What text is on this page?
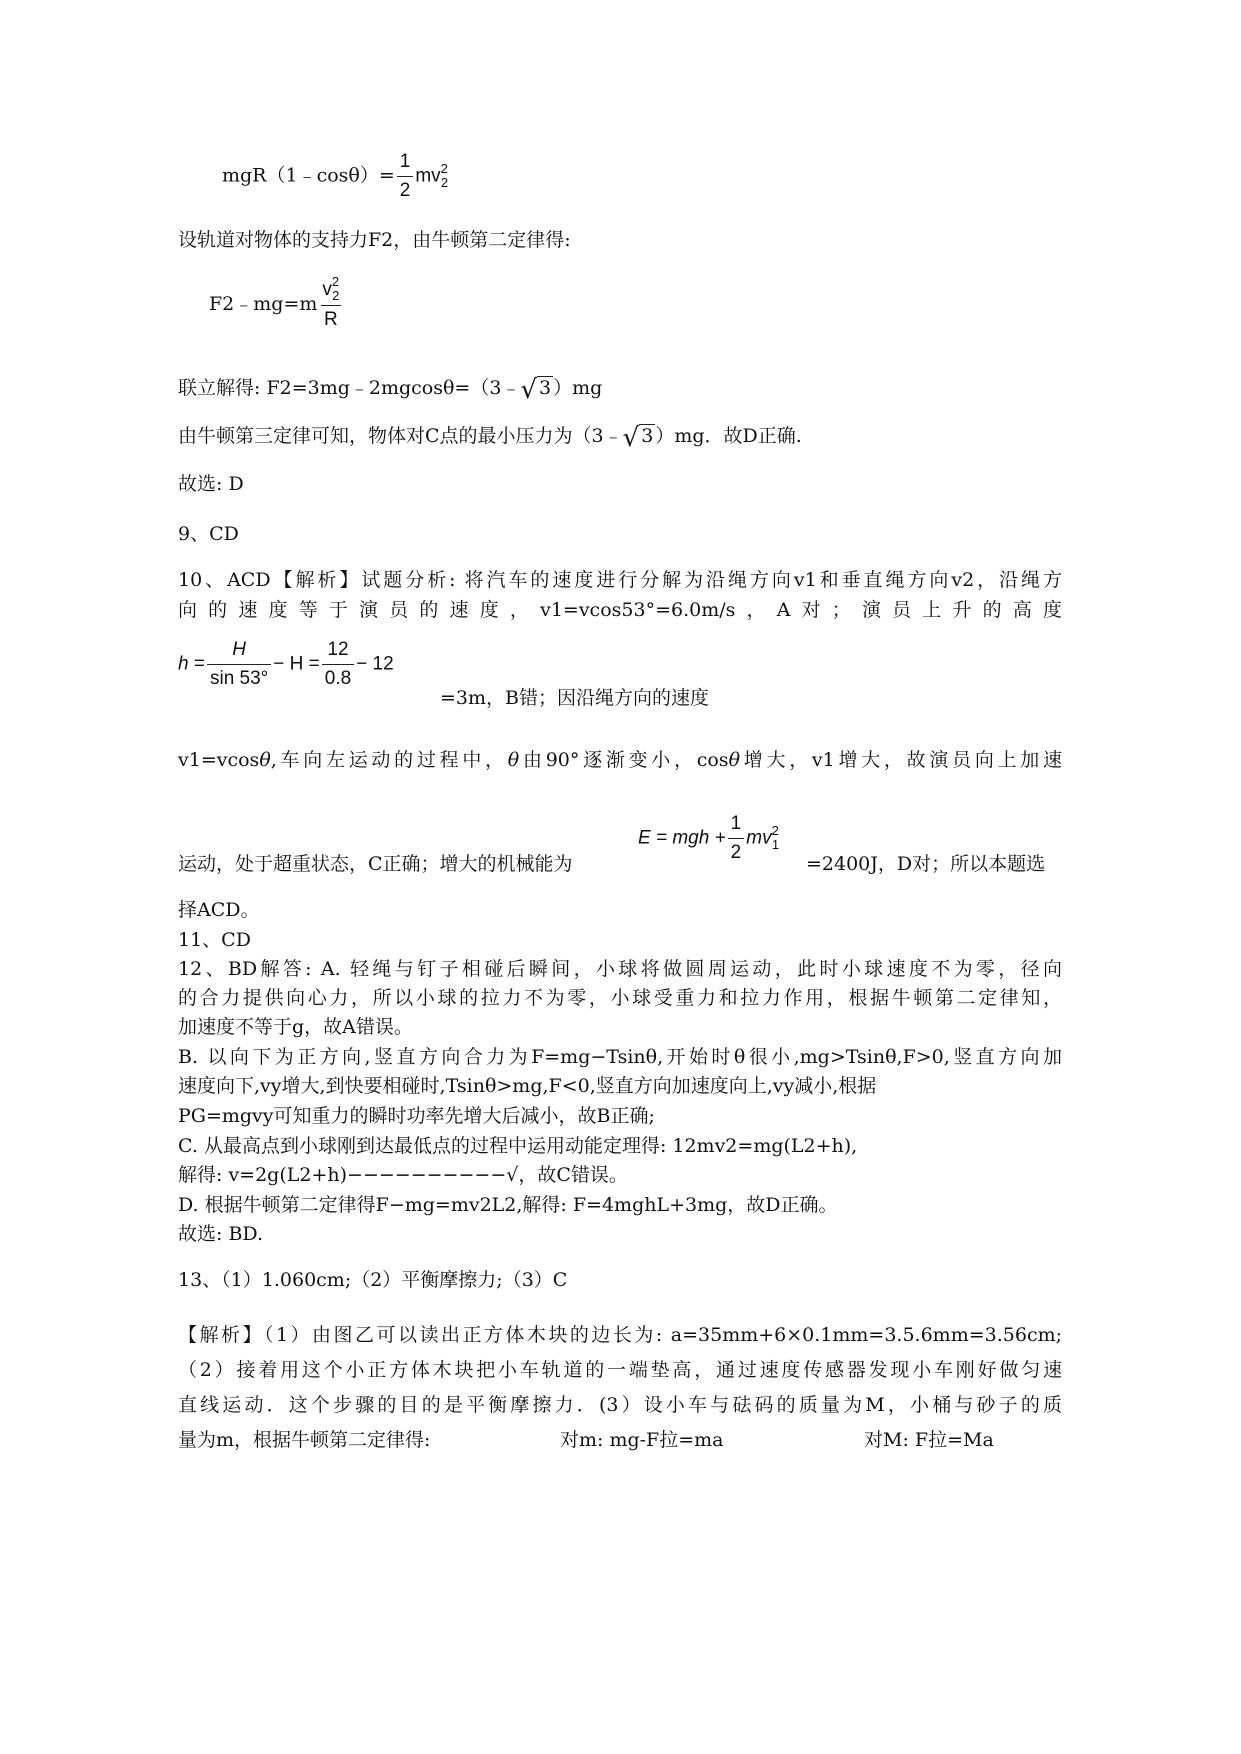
mgR（1﹣cosθ）= $\frac{1}{2} mv^2_2$
设轨道对物体的支持力F2，由牛顿第二定律得:
F2﹣mg=m $\frac{v^2_2}{R}$
联立解得: F2=3mg﹣2mgcosθ=（3﹣√ 3 ）mg
由牛顿第三定律可知，物体对C点的最小压力为（3﹣√ 3 ）mg．故D正确.
故选: D
9、CD
10、ACD【解析】试题分析: 将汽车的速度进行分解为沿绳方向v1和垂直绳方向v2，沿绳方
向的速度等于演员的速度，v1=vcos53°=6.0m/s，A对；演员上升的高度
$h = \frac{H}{\sin 53^\circ} - H = \frac{12}{0.8} - 12$
=3m，B错；因沿绳方向的速度
v1=vcosθ,车向左运动的过程中，θ由90°逐渐变小，cosθ增大，v1增大，故演员向上加速
E = mgh + $\frac{1}{2} mv^2_1$
运动，处于超重状态，C正确；增大的机械能为	=2400J，D对；所以本题选
择ACD。
11、CD
12、BD解答: A. 轻绳与钉子相碰后瞬间，小球将做圆周运动，此时小球速度不为零，径向
的合力提供向心力，所以小球的拉力不为零，小球受重力和拉力作用，根据牛顿第二定律知，
加速度不等于g，故A错误。
B. 以向下为正方向,竖直方向合力为F=mg−Tsinθ,开始时θ很小,mg>Tsinθ,F>0,竖直方向加
速度向下,vy增大,到快要相碰时,Tsinθ>mg,F<0,竖直方向加速度向上,vy减小,根据
PG=mgvy可知重力的瞬时功率先增大后减小，故B正确;
C. 从最高点到小球刚到达最低点的过程中运用动能定理得: 12mv2=mg(L2+h),
解得: v=2g(L2+h)−−−−−−−−−−√，故C错误。
D. 根据牛顿第二定律得F−mg=mv2L2,解得: F=4mghL+3mg，故D正确。
故选: BD.
13、（1）1.060cm;（2）平衡摩擦力;（3）C
【解析】（1）由图乙可以读出正方体木块的边长为: a=35mm+6×0.1mm=3.5.6mm=3.56cm;
（2）接着用这个小正方体木块把小车轨道的一端垫高，通过速度传感器发现小车刚好做匀速
直线运动．这个步骤的目的是平衡摩擦力．(3）设小车与砝码的质量为M，小桶与砂子的质
量为m，根据牛顿第二定律得:	对m: mg-F拉=ma	对M: F拉=Ma
